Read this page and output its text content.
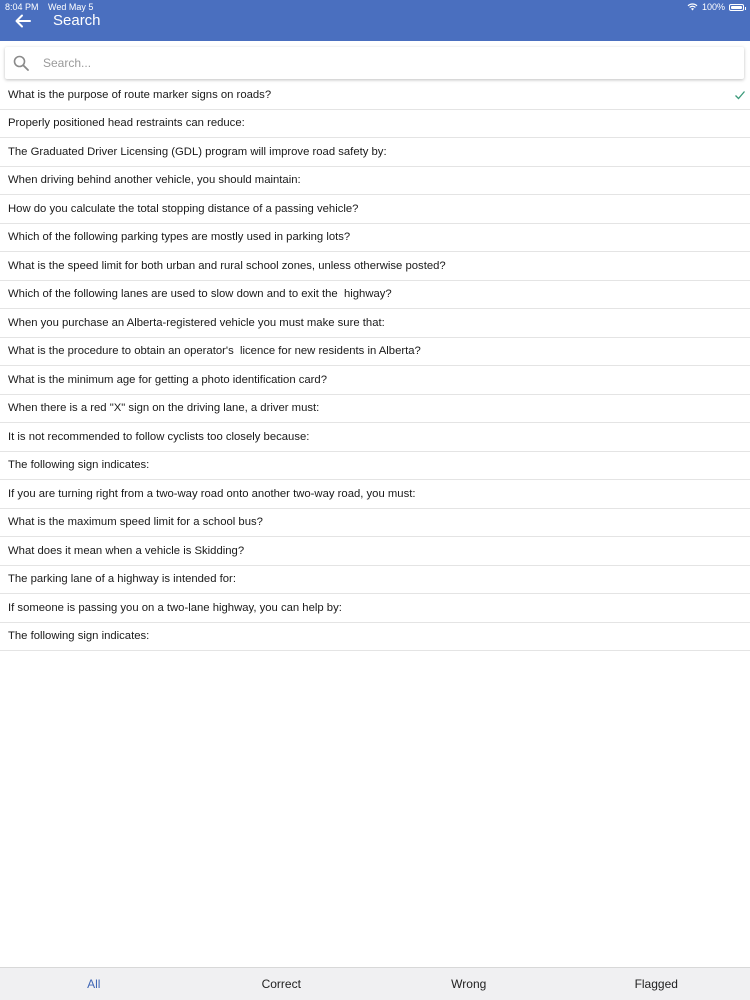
8:04 PM Wed May 5	100%
Search
Search...
What is the purpose of route marker signs on roads?
Properly positioned head restraints can reduce:
The Graduated Driver Licensing (GDL) program will improve road safety by:
When driving behind another vehicle, you should maintain:
How do you calculate the total stopping distance of a passing vehicle?
Which of the following parking types are mostly used in parking lots?
What is the speed limit for both urban and rural school zones, unless otherwise posted?
Which of the following lanes are used to slow down and to exit the  highway?
When you purchase an Alberta-registered vehicle you must make sure that:
What is the procedure to obtain an operator's  licence for new residents in Alberta?
What is the minimum age for getting a photo identification card?
When there is a red "X" sign on the driving lane, a driver must:
It is not recommended to follow cyclists too closely because:
The following sign indicates:
If you are turning right from a two-way road onto another two-way road, you must:
What is the maximum speed limit for a school bus?
What does it mean when a vehicle is Skidding?
The parking lane of a highway is intended for:
If someone is passing you on a two-lane highway, you can help by:
The following sign indicates:
All	Correct	Wrong	Flagged
